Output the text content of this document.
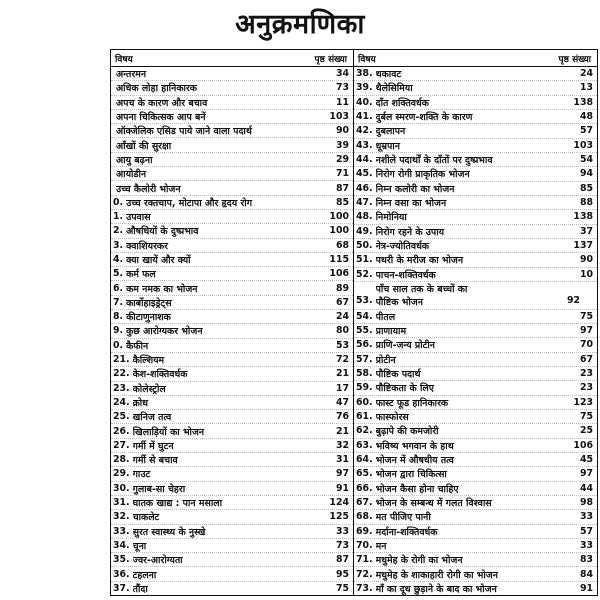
अनुक्रमणिका
विषय	पृष्ठ संख्या
अन्तरमन	34
अधिक लोहा हानिकारक	73
अपच के कारण और बचाव	11
अपना चिकित्सक आप बनें	103
ऑक्जेलिक एसिड पाये जाने वाला पदार्थ	90
आँखों की सुरक्षा	39
आयु बढ़ना	29
आयोडीन	71
उच्च कैलोरी भोजन	87
0. उच्च रक्तचाप, मोटापा और हृदय रोग	85
1. उपवास	100
2. औषधियों के दुष्प्रभाव	100
3. क्वाशियरकर	68
4. क्या खायें और क्यों	115
5. कर्म फल	106
6. कम नमक का भोजन	89
7. कार्बोहाइड्रेट्स	67
8. कीटाणुनाशक	24
9. कुछ आरोग्यकर भोजन	80
0. कैफीन	53
21. कैल्शियम	72
22. केश-शक्तिवर्धक	21
23. कोलेस्ट्रोल	17
24. क्रोध	47
25. खनिज तत्व	76
26. खिलाड़ियों का भोजन	21
27. गर्मी में घुटन	32
28. गर्मी से बचाव	31
29. गाउट	97
30. गुलाब-सा चेहरा	91
31. घातक खाद्य : पान मसाला	124
32. चाकलेट	125
33. सुरत स्वास्थ्य के नुस्खे	33
34. चूना	73
35. ज्वर-आरोग्यता	87
36. टहलना	95
37. तौंदा	75
विषय	पृष्ठ संख्या
38. थकावट	24
39. थैलेसिमिया	13
40. दाँत शक्तिवर्धक	138
41. दुर्बल स्मरण-शक्ति के कारण	48
42. दुबलापन	57
43. धूम्रपान	103
44. नशीले पदार्थों के दाँतों पर दुष्प्रभाव	54
45. निरोग रोगी प्राकृतिक भोजन	94
46. निम्न कलोरी का भोजन	85
47. निम्न वसा का भोजन	88
48. निमोनिया	138
49. निरोग रहने के उपाय	37
50. नेत्र-ज्योतिवर्धक	137
51. पथरी के मरीज का भोजन	90
52. पाचन-शक्तिवर्धक	10
53.
पाँच साल तक के बच्चों का
पौष्टिक भोजन	92
54. पीतल	75
55. प्राणायाम	97
56. प्राणि-जन्य प्रोटीन	70
57. प्रोटीन	67
58. पौष्टिक पदार्थ	23
59. पौष्टिकता के लिए	23
60. फास्ट फूड हानिकारक	123
61. फास्फोरस	75
62. बुढ़ापे की कमजोरी	25
63. भविष्य भगवान के हाथ	106
64. भोजन में औषधीय तत्व	45
65. भोजन द्वारा चिकित्सा	97
66. भोजन कैसा होना चाहिए	44
67. भोजन के सम्बन्ध में गलत विश्वास	98
68. मत पीजिए पानी	33
69. मर्दाना-शक्तिवर्धक	57
70. मन	33
71. मधुमेह के रोगी का भोजन	83
72. मधुमेह के शाकाहारी रोगी का भोजन	84
73. माँ का दूध छुड़ाने के बाद का भोजन	91
